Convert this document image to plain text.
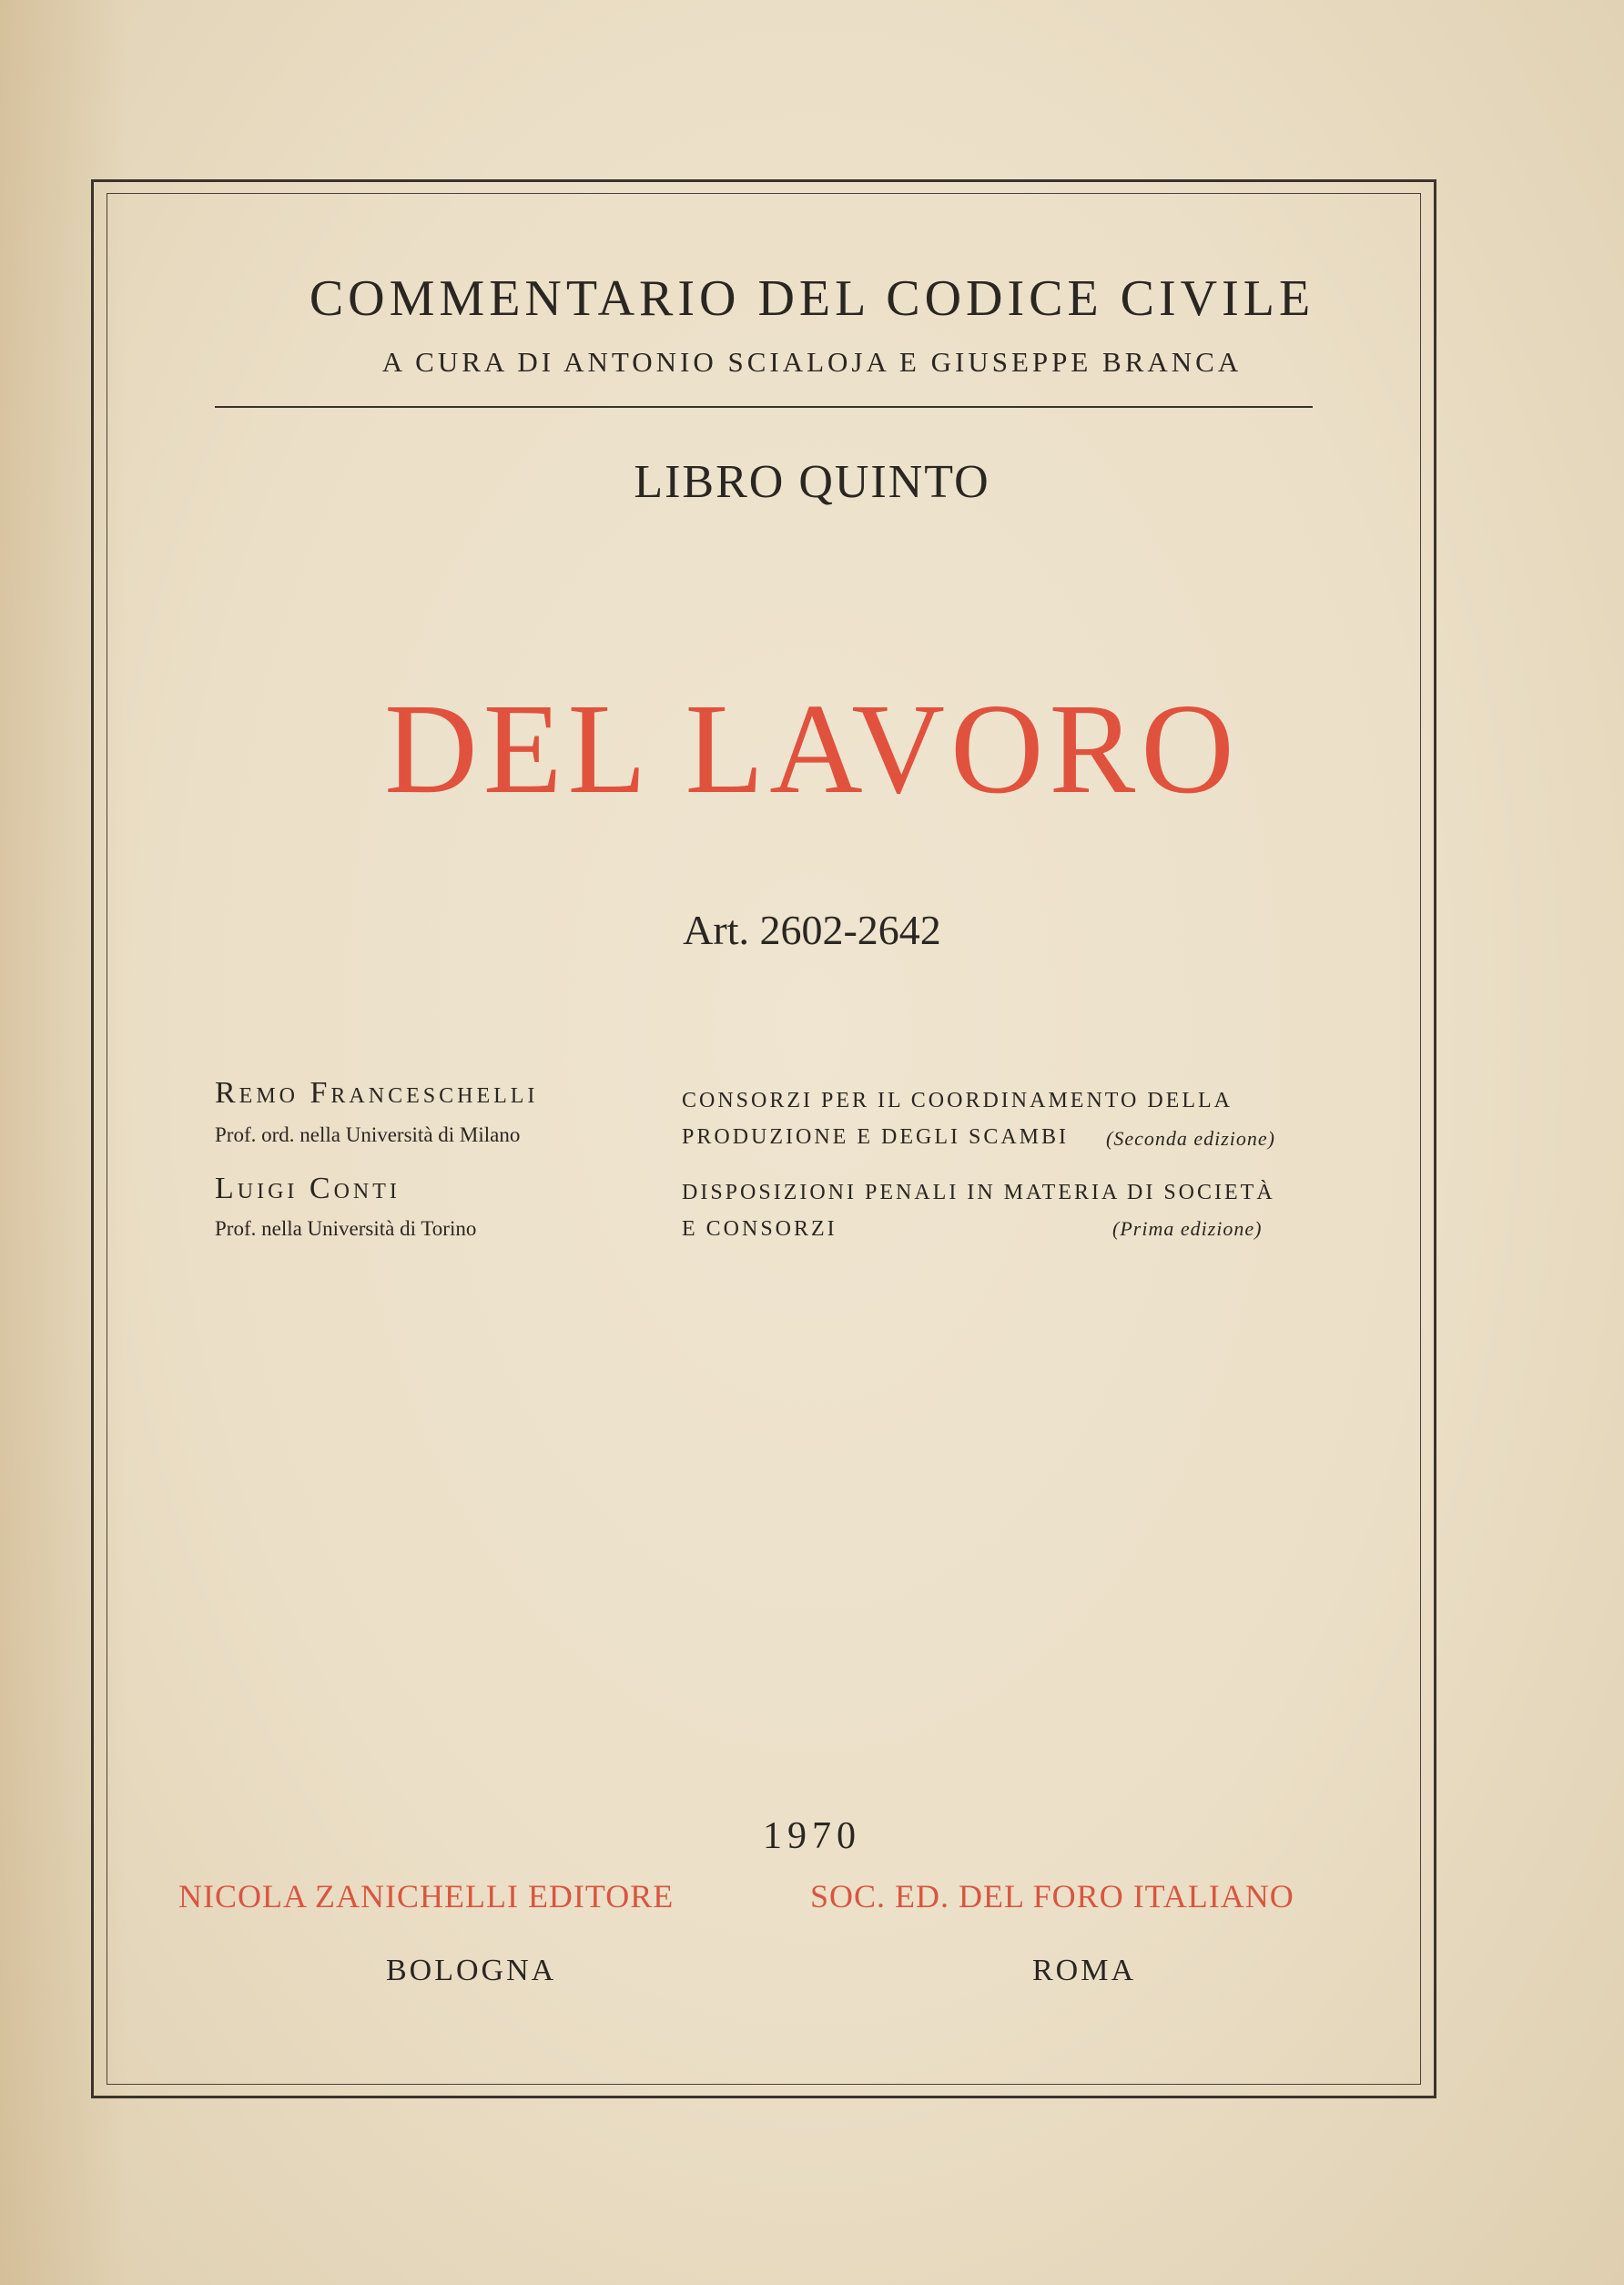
COMMENTARIO DEL CODICE CIVILE
A CURA DI ANTONIO SCIALOJA E GIUSEPPE BRANCA
LIBRO QUINTO
DEL LAVORO
Art. 2602-2642
Remo Franceschelli
Prof. ord. nella Università di Milano
CONSORZI PER IL COORDINAMENTO DELLA
PRODUZIONE E DEGLI SCAMBI (Seconda edizione)
Luigi Conti
Prof. nella Università di Torino
DISPOSIZIONI PENALI IN MATERIA DI SOCIETÀ
E CONSORZI	(Prima edizione)
1970
NICOLA ZANICHELLI EDITORE	SOC. ED. DEL FORO ITALIANO
BOLOGNA	ROMA
